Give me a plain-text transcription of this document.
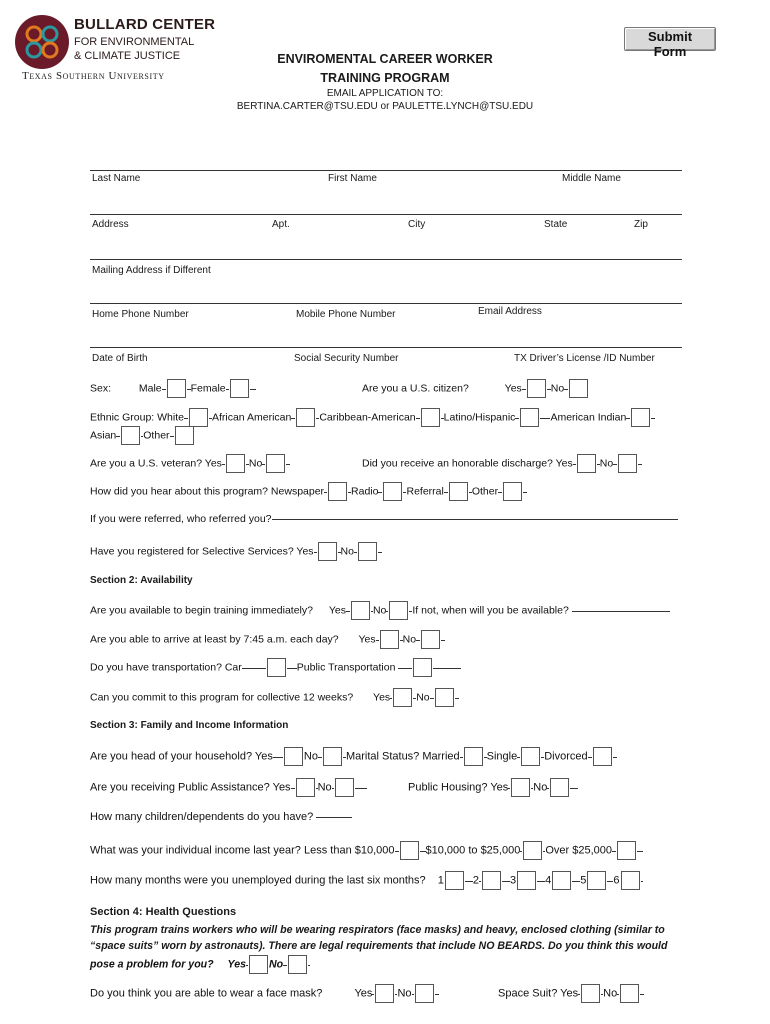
BULLARD CENTER
FOR ENVIRONMENTAL
& CLIMATE JUSTICE
Texas Southern University
Submit Form
ENVIROMENTAL CAREER WORKER
TRAINING PROGRAM
EMAIL APPLICATION TO:
BERTINA.CARTER@TSU.EDU or PAULETTE.LYNCH@TSU.EDU
Last Name	First Name	Middle Name
Address	Apt.	City	State	Zip
Mailing Address if Different
Home Phone Number	Mobile Phone Number	Email Address
Date of Birth	Social Security Number	TX Driver’s License /ID Number
Sex:	Male	Female	Are you a U.S. citizen?	Yes	No
Ethnic Group: White	African American	Caribbean-American	Latino/Hispanic	American Indian
Asian	Other
Are you a U.S. veteran? Yes	No	Did you receive an honorable discharge? Yes	No
How did you hear about this program? Newspaper	Radio	Referral	Other
If you were referred, who referred you?
Have you registered for Selective Services? Yes	No
Section 2: Availability
Are you available to begin training immediately? Yes	No If not, when will you be available?
Are you able to arrive at least by 7:45 a.m. each day? Yes	No
Do you have transportation? Car	Public Transportation
Can you commit to this program for collective 12 weeks? Yes No
Section 3: Family and Income Information
Are you head of your household? Yes	No	Marital Status? Married Single Divorced
Are you receiving Public Assistance? Yes No	Public Housing? Yes No
How many children/dependents do you have?
What was your individual income last year? Less than $10,000	$10,000 to $25,000 Over $25,000
How many months were you unemployed during the last six months? 1	2	3	4	5 6
Section 4: Health Questions
This program trains workers who will be wearing respirators (face masks) and heavy, enclosed clothing (similar to
“space suits” worn by astronauts). There are legal requirements that include NO BEARDS. Do you think this would
pose a problem for you? Yes No
Do you think you are able to wear a face mask?	Yes No	Space Suit? Yes No
